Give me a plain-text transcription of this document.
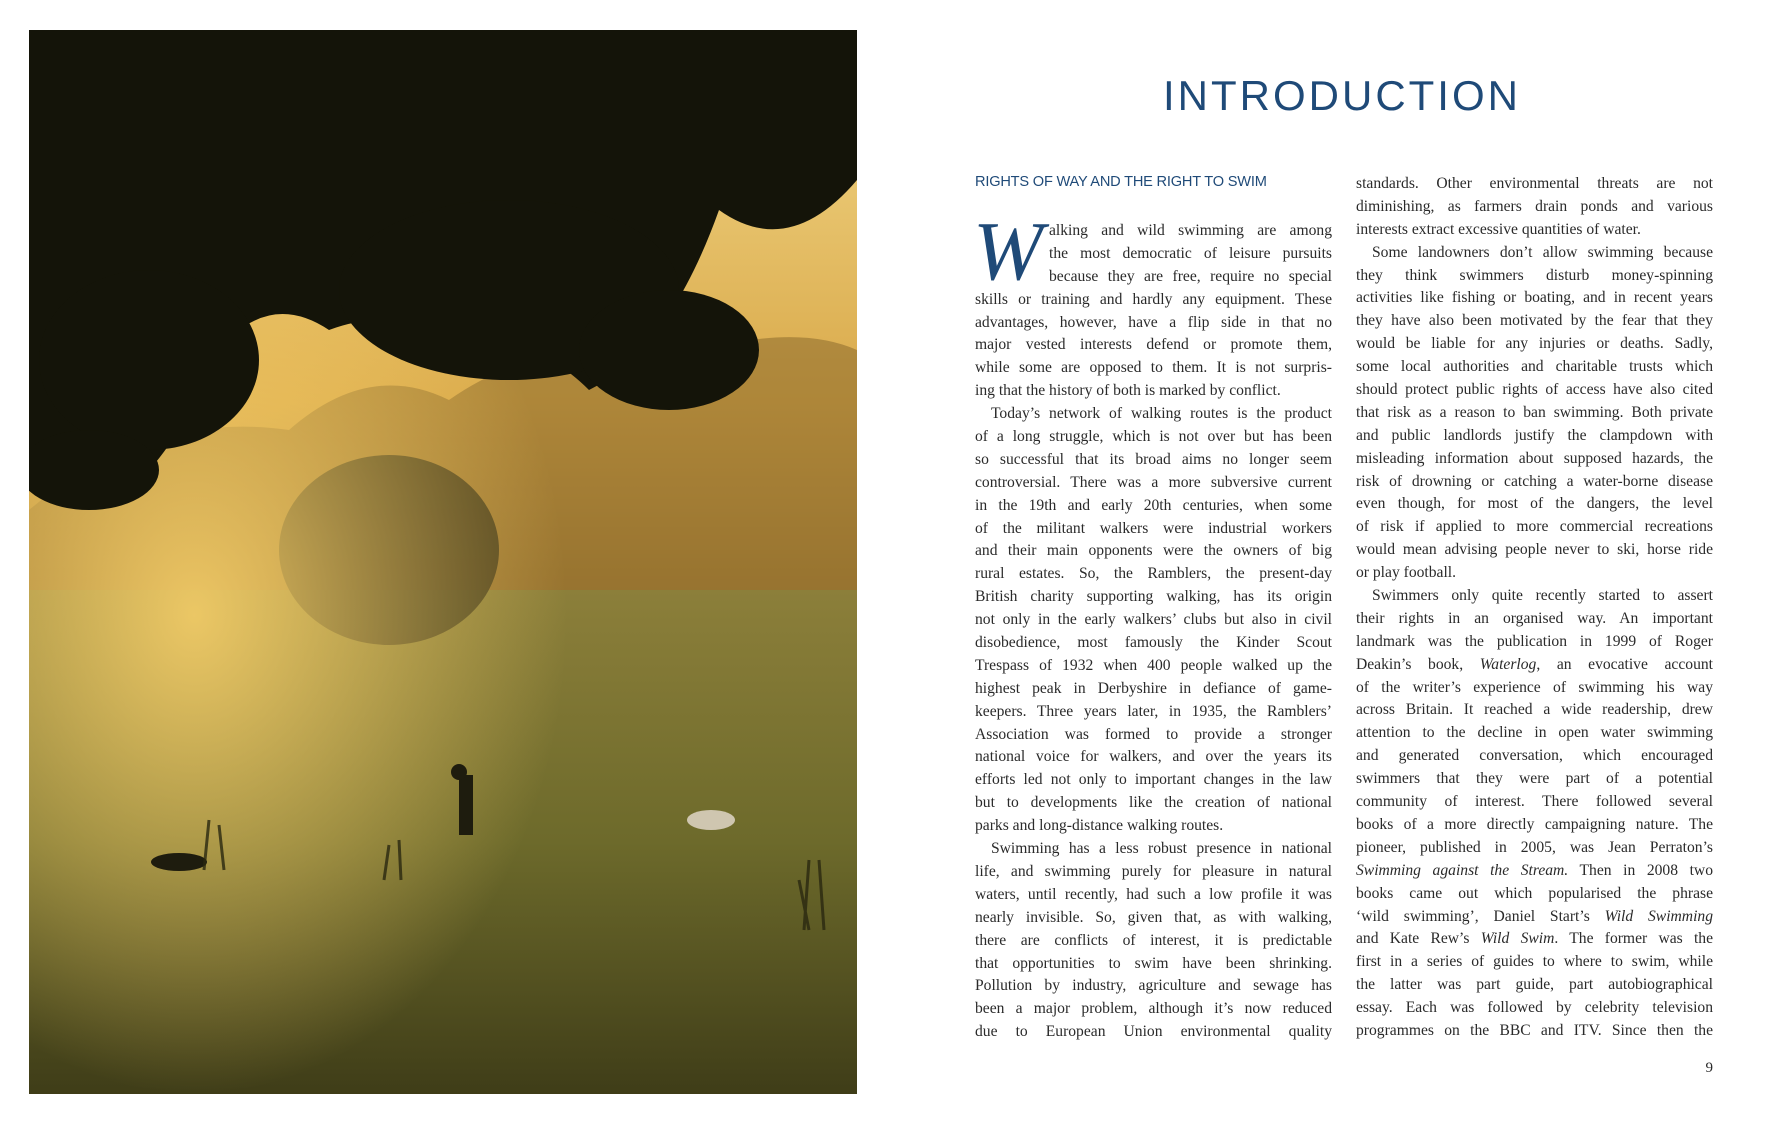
INTRODUCTION
RIGHTS OF WAY AND THE RIGHT TO SWIM
W alking and wild swimming are among
the most democratic of leisure pursuits
because they are free, require no special
skills or training and hardly any equipment. These
advantages, however, have a flip side in that no
major vested interests defend or promote them,
while some are opposed to them. It is not surpris-
ing that the history of both is marked by conflict.
Today’s network of walking routes is the product
of a long struggle, which is not over but has been
so successful that its broad aims no longer seem
controversial. There was a more subversive current
in the 19th and early 20th centuries, when some
of the militant walkers were industrial workers
and their main opponents were the owners of big
rural estates. So, the Ramblers, the present-day
British charity supporting walking, has its origin
not only in the early walkers’ clubs but also in civil
disobedience, most famously the Kinder Scout
Trespass of 1932 when 400 people walked up the
highest peak in Derbyshire in defiance of game-
keepers. Three years later, in 1935, the Ramblers’
Association was formed to provide a stronger
national voice for walkers, and over the years its
efforts led not only to important changes in the law
but to developments like the creation of national
parks and long-distance walking routes.
Swimming has a less robust presence in national
life, and swimming purely for pleasure in natural
waters, until recently, had such a low profile it was
nearly invisible. So, given that, as with walking,
there are conflicts of interest, it is predictable
that opportunities to swim have been shrinking.
Pollution by industry, agriculture and sewage has
been a major problem, although it’s now reduced
due to European Union environmental quality
standards. Other environmental threats are not
diminishing, as farmers drain ponds and various
interests extract excessive quantities of water.
Some landowners don’t allow swimming because
they think swimmers disturb money-spinning
activities like fishing or boating, and in recent years
they have also been motivated by the fear that they
would be liable for any injuries or deaths. Sadly,
some local authorities and charitable trusts which
should protect public rights of access have also cited
that risk as a reason to ban swimming. Both private
and public landlords justify the clampdown with
misleading information about supposed hazards, the
risk of drowning or catching a water-borne disease
even though, for most of the dangers, the level
of risk if applied to more commercial recreations
would mean advising people never to ski, horse ride
or play football.
Swimmers only quite recently started to assert
their rights in an organised way. An important
landmark was the publication in 1999 of Roger
Deakin’s book, Waterlog, an evocative account
of the writer’s experience of swimming his way
across Britain. It reached a wide readership, drew
attention to the decline in open water swimming
and generated conversation, which encouraged
swimmers that they were part of a potential
community of interest. There followed several
books of a more directly campaigning nature. The
pioneer, published in 2005, was Jean Perraton’s
Swimming against the Stream. Then in 2008 two
books came out which popularised the phrase
‘wild swimming’, Daniel Start’s Wild Swimming
and Kate Rew’s Wild Swim. The former was the
first in a series of guides to where to swim, while
the latter was part guide, part autobiographical
essay. Each was followed by celebrity television
programmes on the BBC and ITV. Since then the
9
